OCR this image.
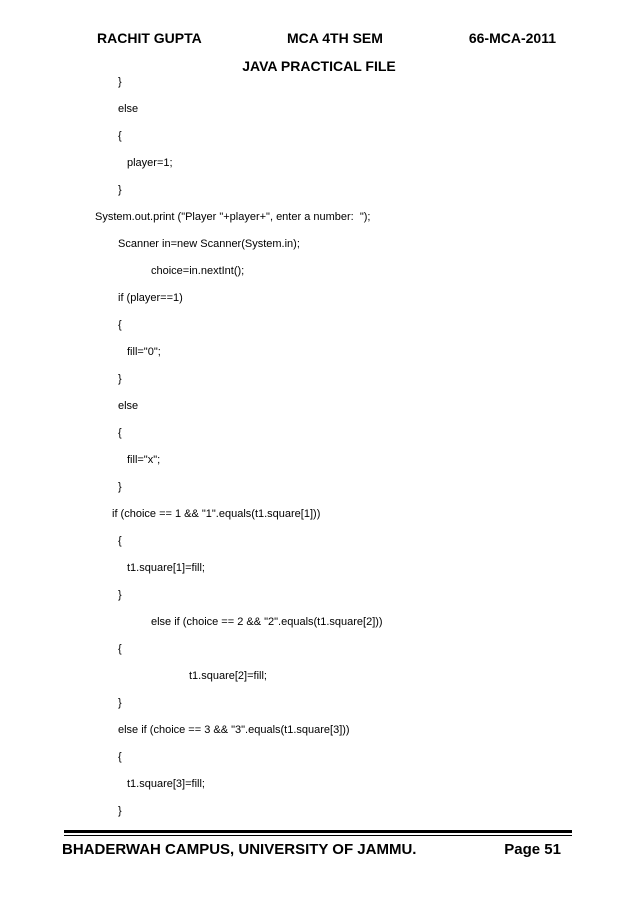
RACHIT GUPTA	MCA 4TH SEM	66-MCA-2011
JAVA PRACTICAL FILE
}
else
{
player=1;
}
System.out.print ("Player "+player+", enter a number:  ");
Scanner in=new Scanner(System.in);
choice=in.nextInt();
if (player==1)
{
fill="0";
}
else
{
fill="x";
}
if (choice == 1 && "1".equals(t1.square[1]))
{
t1.square[1]=fill;
}
else if (choice == 2 && "2".equals(t1.square[2]))
{
t1.square[2]=fill;
}
else if (choice == 3 && "3".equals(t1.square[3]))
{
t1.square[3]=fill;
}
BHADERWAH CAMPUS, UNIVERSITY OF JAMMU.	Page 51
